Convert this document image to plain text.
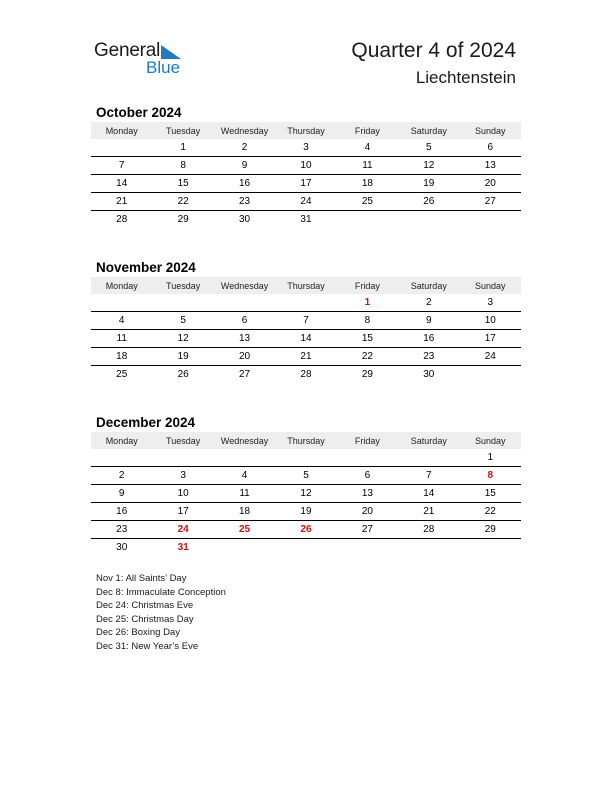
General
Blue
Quarter 4 of 2024
Liechtenstein
October 2024
Monday	Tuesday	Wednesday	Thursday	Friday	Saturday	Sunday
	1	2	3	4	5	6
7	8	9	10	11	12	13
14	15	16	17	18	19	20
21	22	23	24	25	26	27
28	29	30	31			
November 2024
Monday	Tuesday	Wednesday	Thursday	Friday	Saturday	Sunday
				1	2	3
4	5	6	7	8	9	10
11	12	13	14	15	16	17
18	19	20	21	22	23	24
25	26	27	28	29	30	
December 2024
Monday	Tuesday	Wednesday	Thursday	Friday	Saturday	Sunday
						1
2	3	4	5	6	7	8
9	10	11	12	13	14	15
16	17	18	19	20	21	22
23	24	25	26	27	28	29
30	31					
Nov 1: All Saints’ Day
Dec 8: Immaculate Conception
Dec 24: Christmas Eve
Dec 25: Christmas Day
Dec 26: Boxing Day
Dec 31: New Year’s Eve
